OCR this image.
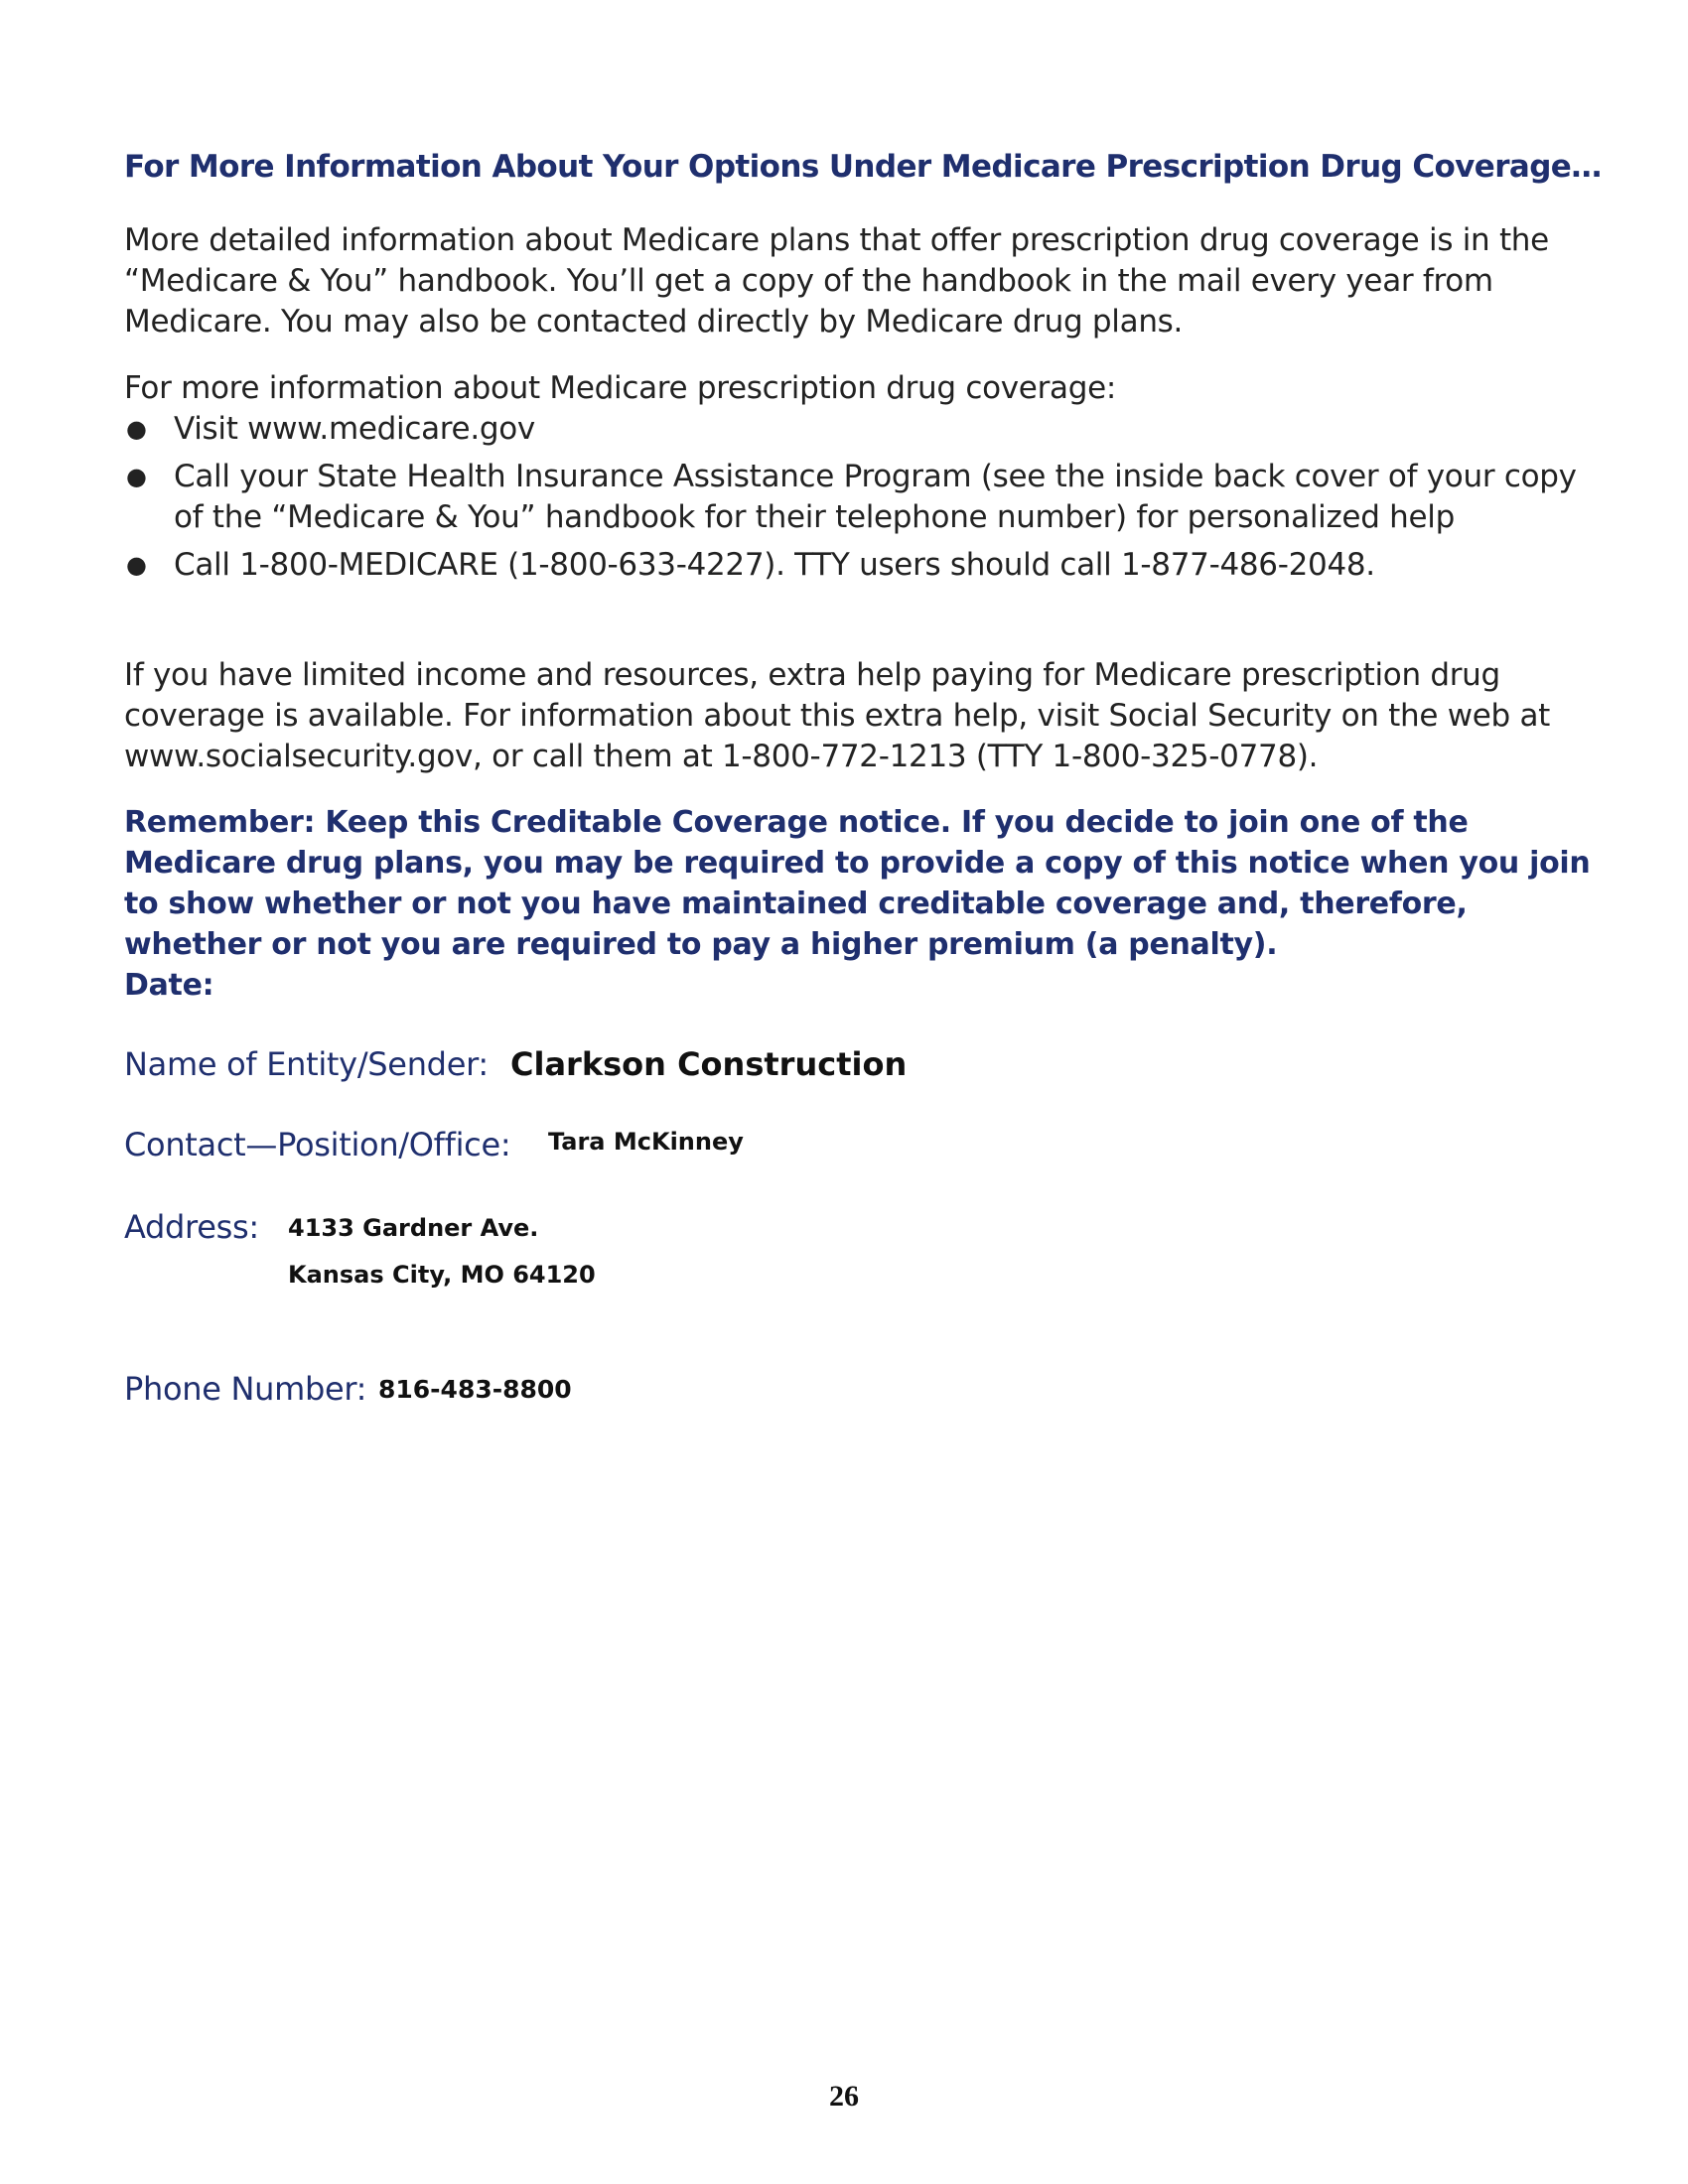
For More Information About Your Options Under Medicare Prescription Drug Coverage…
More detailed information about Medicare plans that offer prescription drug coverage is in the “Medicare & You” handbook. You’ll get a copy of the handbook in the mail every year from Medicare. You may also be contacted directly by Medicare drug plans.
For more information about Medicare prescription drug coverage:
● Visit www.medicare.gov
● Call your State Health Insurance Assistance Program (see the inside back cover of your copy of the “Medicare & You” handbook for their telephone number) for personalized help
● Call 1-800-MEDICARE (1-800-633-4227). TTY users should call 1-877-486-2048.
If you have limited income and resources, extra help paying for Medicare prescription drug coverage is available. For information about this extra help, visit Social Security on the web at www.socialsecurity.gov, or call them at 1-800-772-1213 (TTY 1-800-325-0778).
Remember: Keep this Creditable Coverage notice. If you decide to join one of the Medicare drug plans, you may be required to provide a copy of this notice when you join to show whether or not you have maintained creditable coverage and, therefore, whether or not you are required to pay a higher premium (a penalty).
Date:
Name of Entity/Sender: Clarkson Construction
Contact—Position/Office: Tara McKinney
Address: 4133 Gardner Ave.
Kansas City, MO 64120
Phone Number: 816-483-8800
26
